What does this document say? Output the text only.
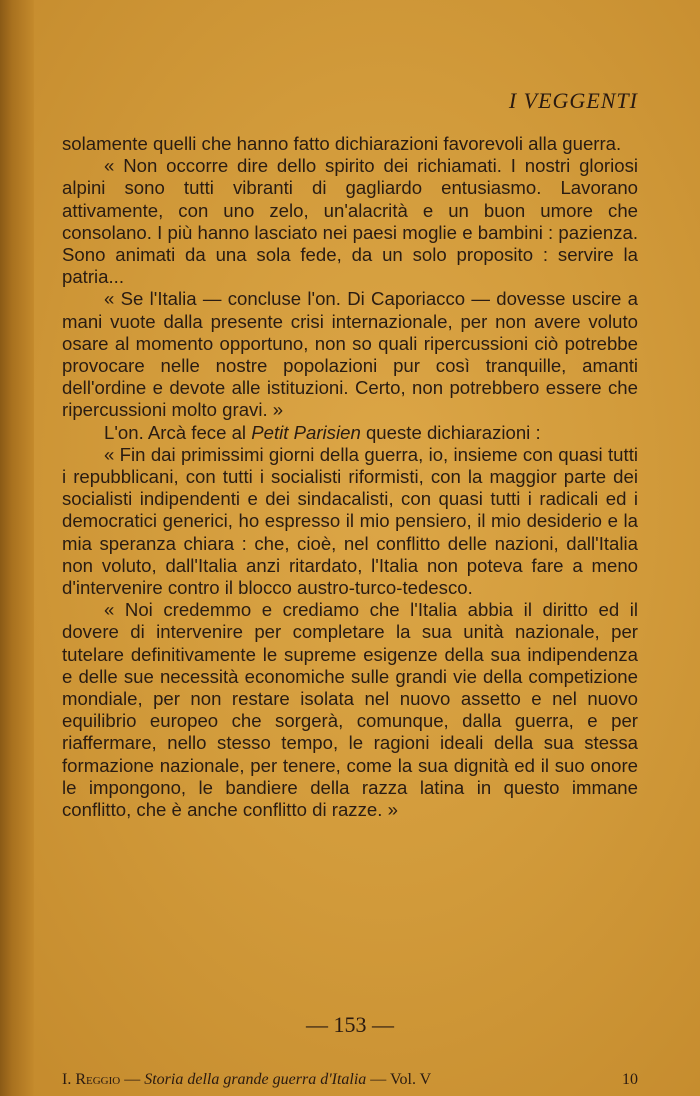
I VEGGENTI

solamente quelli che hanno fatto dichiarazioni favorevoli alla guerra.

« Non occorre dire dello spirito dei richiamati. I nostri gloriosi alpini sono tutti vibranti di gagliardo entusiasmo. Lavorano attivamente, con uno zelo, un'alacrità e un buon umore che consolano. I più hanno lasciato nei paesi moglie e bambini : pazienza. Sono animati da una sola fede, da un solo proposito : servire la patria...

« Se l'Italia — concluse l'on. Di Caporiacco — dovesse uscire a mani vuote dalla presente crisi internazionale, per non avere voluto osare al momento opportuno, non so quali ripercussioni ciò potrebbe provocare nelle nostre popolazioni pur così tranquille, amanti dell'ordine e devote alle istituzioni. Certo, non potrebbero essere che ripercussioni molto gravi. »

L'on. Arcà fece al Petit Parisien queste dichiarazioni :

« Fin dai primissimi giorni della guerra, io, insieme con quasi tutti i repubblicani, con tutti i socialisti riformisti, con la maggior parte dei socialisti indipendenti e dei sindacalisti, con quasi tutti i radicali ed i democratici generici, ho espresso il mio pensiero, il mio desiderio e la mia speranza chiara : che, cioè, nel conflitto delle nazioni, dall'Italia non voluto, dall'Italia anzi ritardato, l'Italia non poteva fare a meno d'intervenire contro il blocco austro-turco-tedesco.

« Noi credemmo e crediamo che l'Italia abbia il diritto ed il dovere di intervenire per completare la sua unità nazionale, per tutelare definitivamente le supreme esigenze della sua indipendenza e delle sue necessità economiche sulle grandi vie della competizione mondiale, per non restare isolata nel nuovo assetto e nel nuovo equilibrio europeo che sorgerà, comunque, dalla guerra, e per riaffermare, nello stesso tempo, le ragioni ideali della sua stessa formazione nazionale, per tenere, come la sua dignità ed il suo onore le impongono, le bandiere della razza latina in questo immane conflitto, che è anche conflitto di razze. »

— 153 —
I. Reggio — Storia della grande guerra d'Italia — Vol. V	10
